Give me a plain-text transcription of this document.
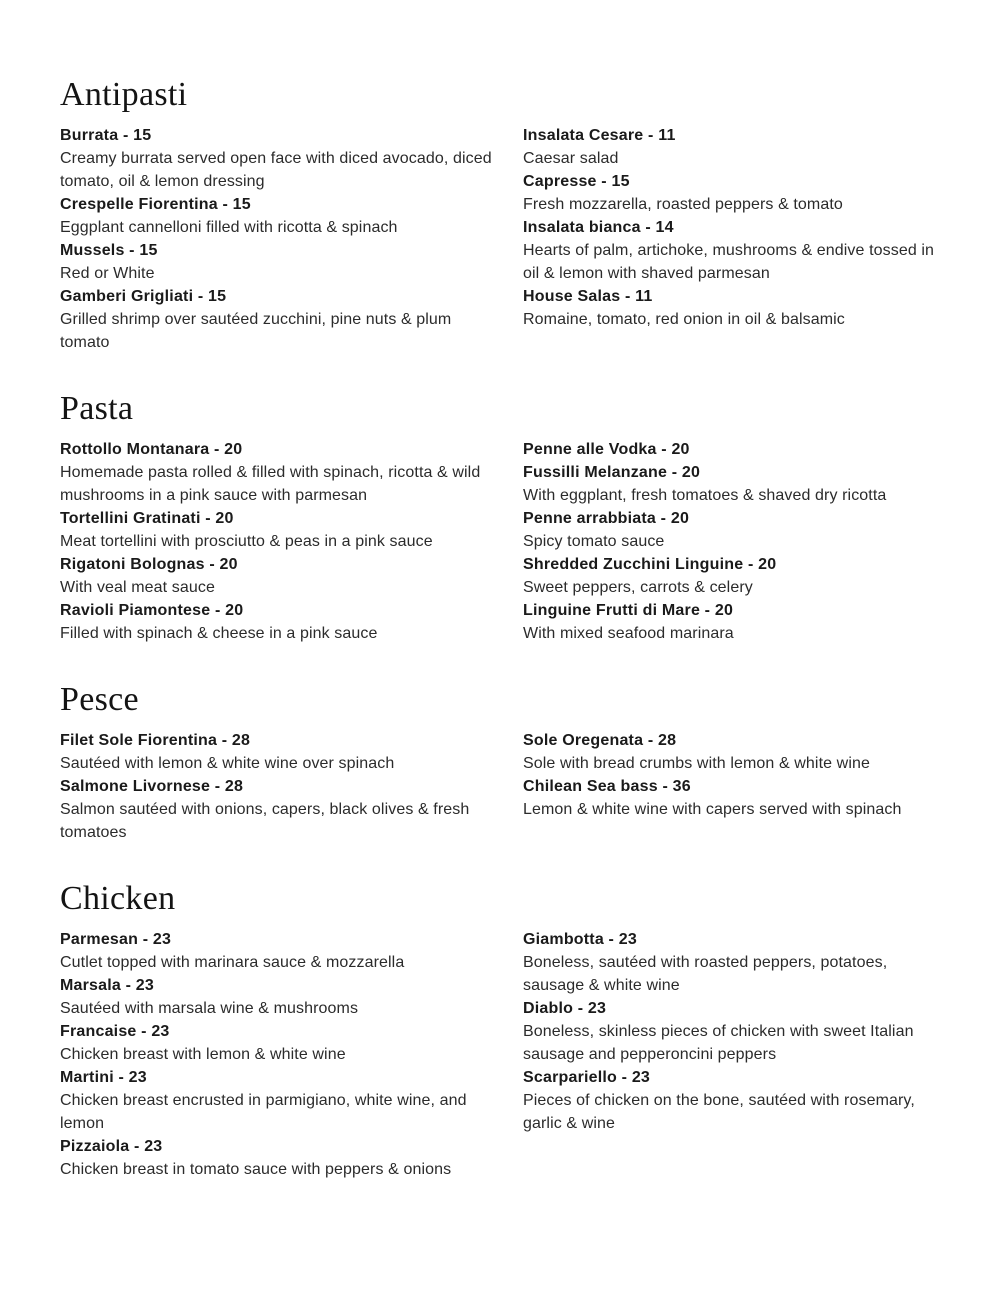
Antipasti

Burrata - 15

Creamy burrata served open face with diced avocado, diced tomato, oil & lemon dressing

Crespelle Fiorentina - 15

Eggplant cannelloni filled with ricotta & spinach

Mussels - 15

Red or White

Gamberi Grigliati - 15

Grilled shrimp over sautéed zucchini, pine nuts & plum tomato

Insalata Cesare - 11

Caesar salad

Capresse - 15

Fresh mozzarella, roasted peppers & tomato

Insalata bianca - 14

Hearts of palm, artichoke, mushrooms & endive tossed in oil & lemon with shaved parmesan

House Salas - 11

Romaine, tomato, red onion in oil & balsamic

Pasta

Rottollo Montanara - 20

Homemade pasta rolled & filled with spinach, ricotta & wild mushrooms in a pink sauce with parmesan

Tortellini Gratinati - 20

Meat tortellini with prosciutto & peas in a pink sauce

Rigatoni Bolognas - 20

With veal meat sauce

Ravioli Piamontese - 20

Filled with spinach & cheese in a pink sauce

Penne alle Vodka - 20

Fussilli Melanzane - 20

With eggplant, fresh tomatoes & shaved dry ricotta

Penne arrabbiata - 20

Spicy tomato sauce

Shredded Zucchini Linguine - 20

Sweet peppers, carrots & celery

Linguine Frutti di Mare - 20

With mixed seafood marinara

Pesce

Filet Sole Fiorentina - 28

Sautéed with lemon & white wine over spinach

Salmone Livornese - 28

Salmon sautéed with onions, capers, black olives & fresh tomatoes

Sole Oregenata - 28

Sole with bread crumbs with lemon & white wine

Chilean Sea bass - 36

Lemon & white wine with capers served with spinach

Chicken

Parmesan - 23

Cutlet topped with marinara sauce & mozzarella

Marsala - 23

Sautéed with marsala wine & mushrooms

Francaise - 23

Chicken breast with lemon & white wine

Martini - 23

Chicken breast encrusted in parmigiano, white wine, and lemon

Pizzaiola - 23

Chicken breast in tomato sauce with peppers & onions

Giambotta - 23

Boneless, sautéed with roasted peppers, potatoes, sausage & white wine

Diablo - 23

Boneless, skinless pieces of chicken with sweet Italian sausage and pepperoncini peppers

Scarpariello - 23

Pieces of chicken on the bone, sautéed with rosemary, garlic & wine
